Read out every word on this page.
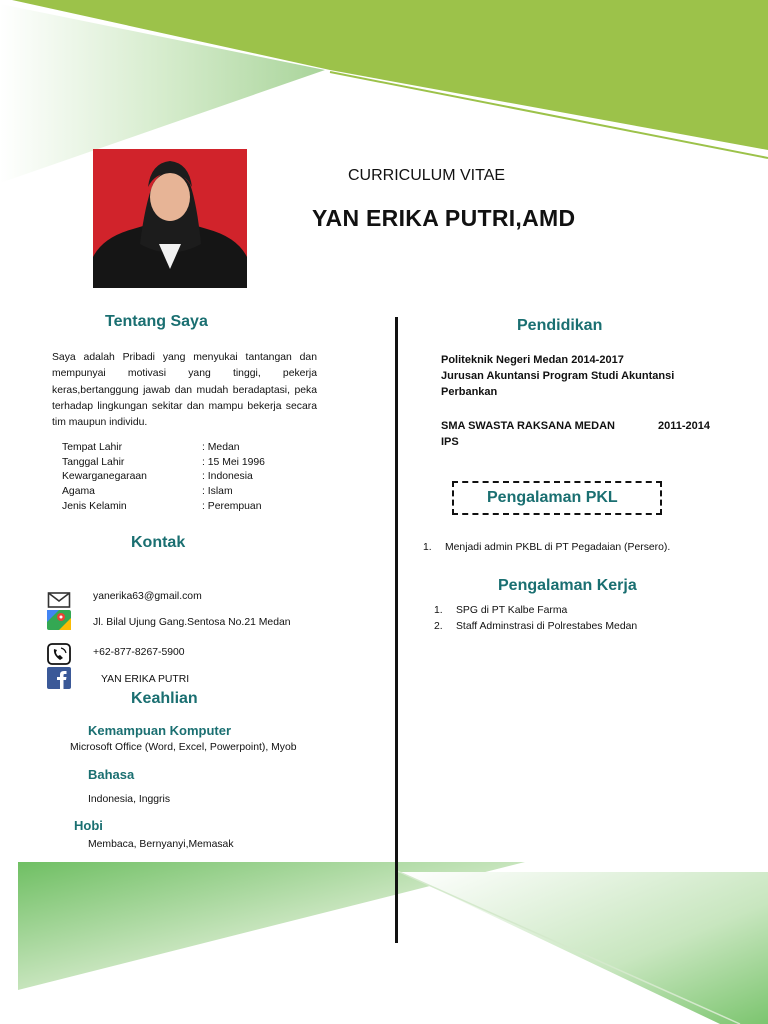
CURRICULUM VITAE
YAN ERIKA PUTRI,AMD
Tentang Saya
Saya adalah Pribadi yang menyukai tantangan dan mempunyai motivasi yang tinggi, pekerja keras,bertanggung jawab dan mudah beradaptasi, peka terhadap lingkungan sekitar dan mampu bekerja secara tim maupun individu.
Tempat Lahir	: Medan
Tanggal Lahir	: 15 Mei 1996
Kewarganegaraan	: Indonesia
Agama	: Islam
Jenis Kelamin	: Perempuan
Kontak
yanerika63@gmail.com
Jl. Bilal Ujung Gang.Sentosa No.21 Medan
+62-877-8267-5900
YAN ERIKA PUTRI
Keahlian
Kemampuan Komputer
Microsoft Office (Word, Excel, Powerpoint), Myob
Bahasa
Indonesia, Inggris
Hobi
Membaca, Bernyanyi,Memasak
Pendidikan
Politeknik Negeri Medan 2014-2017
Jurusan Akuntansi Program Studi Akuntansi
Perbankan
SMA SWASTA RAKSANA MEDAN	2011-2014
IPS
Pengalaman PKL
1. Menjadi admin PKBL di PT Pegadaian (Persero).
Pengalaman Kerja
1. SPG di PT Kalbe Farma
2. Staff Adminstrasi di Polrestabes Medan
